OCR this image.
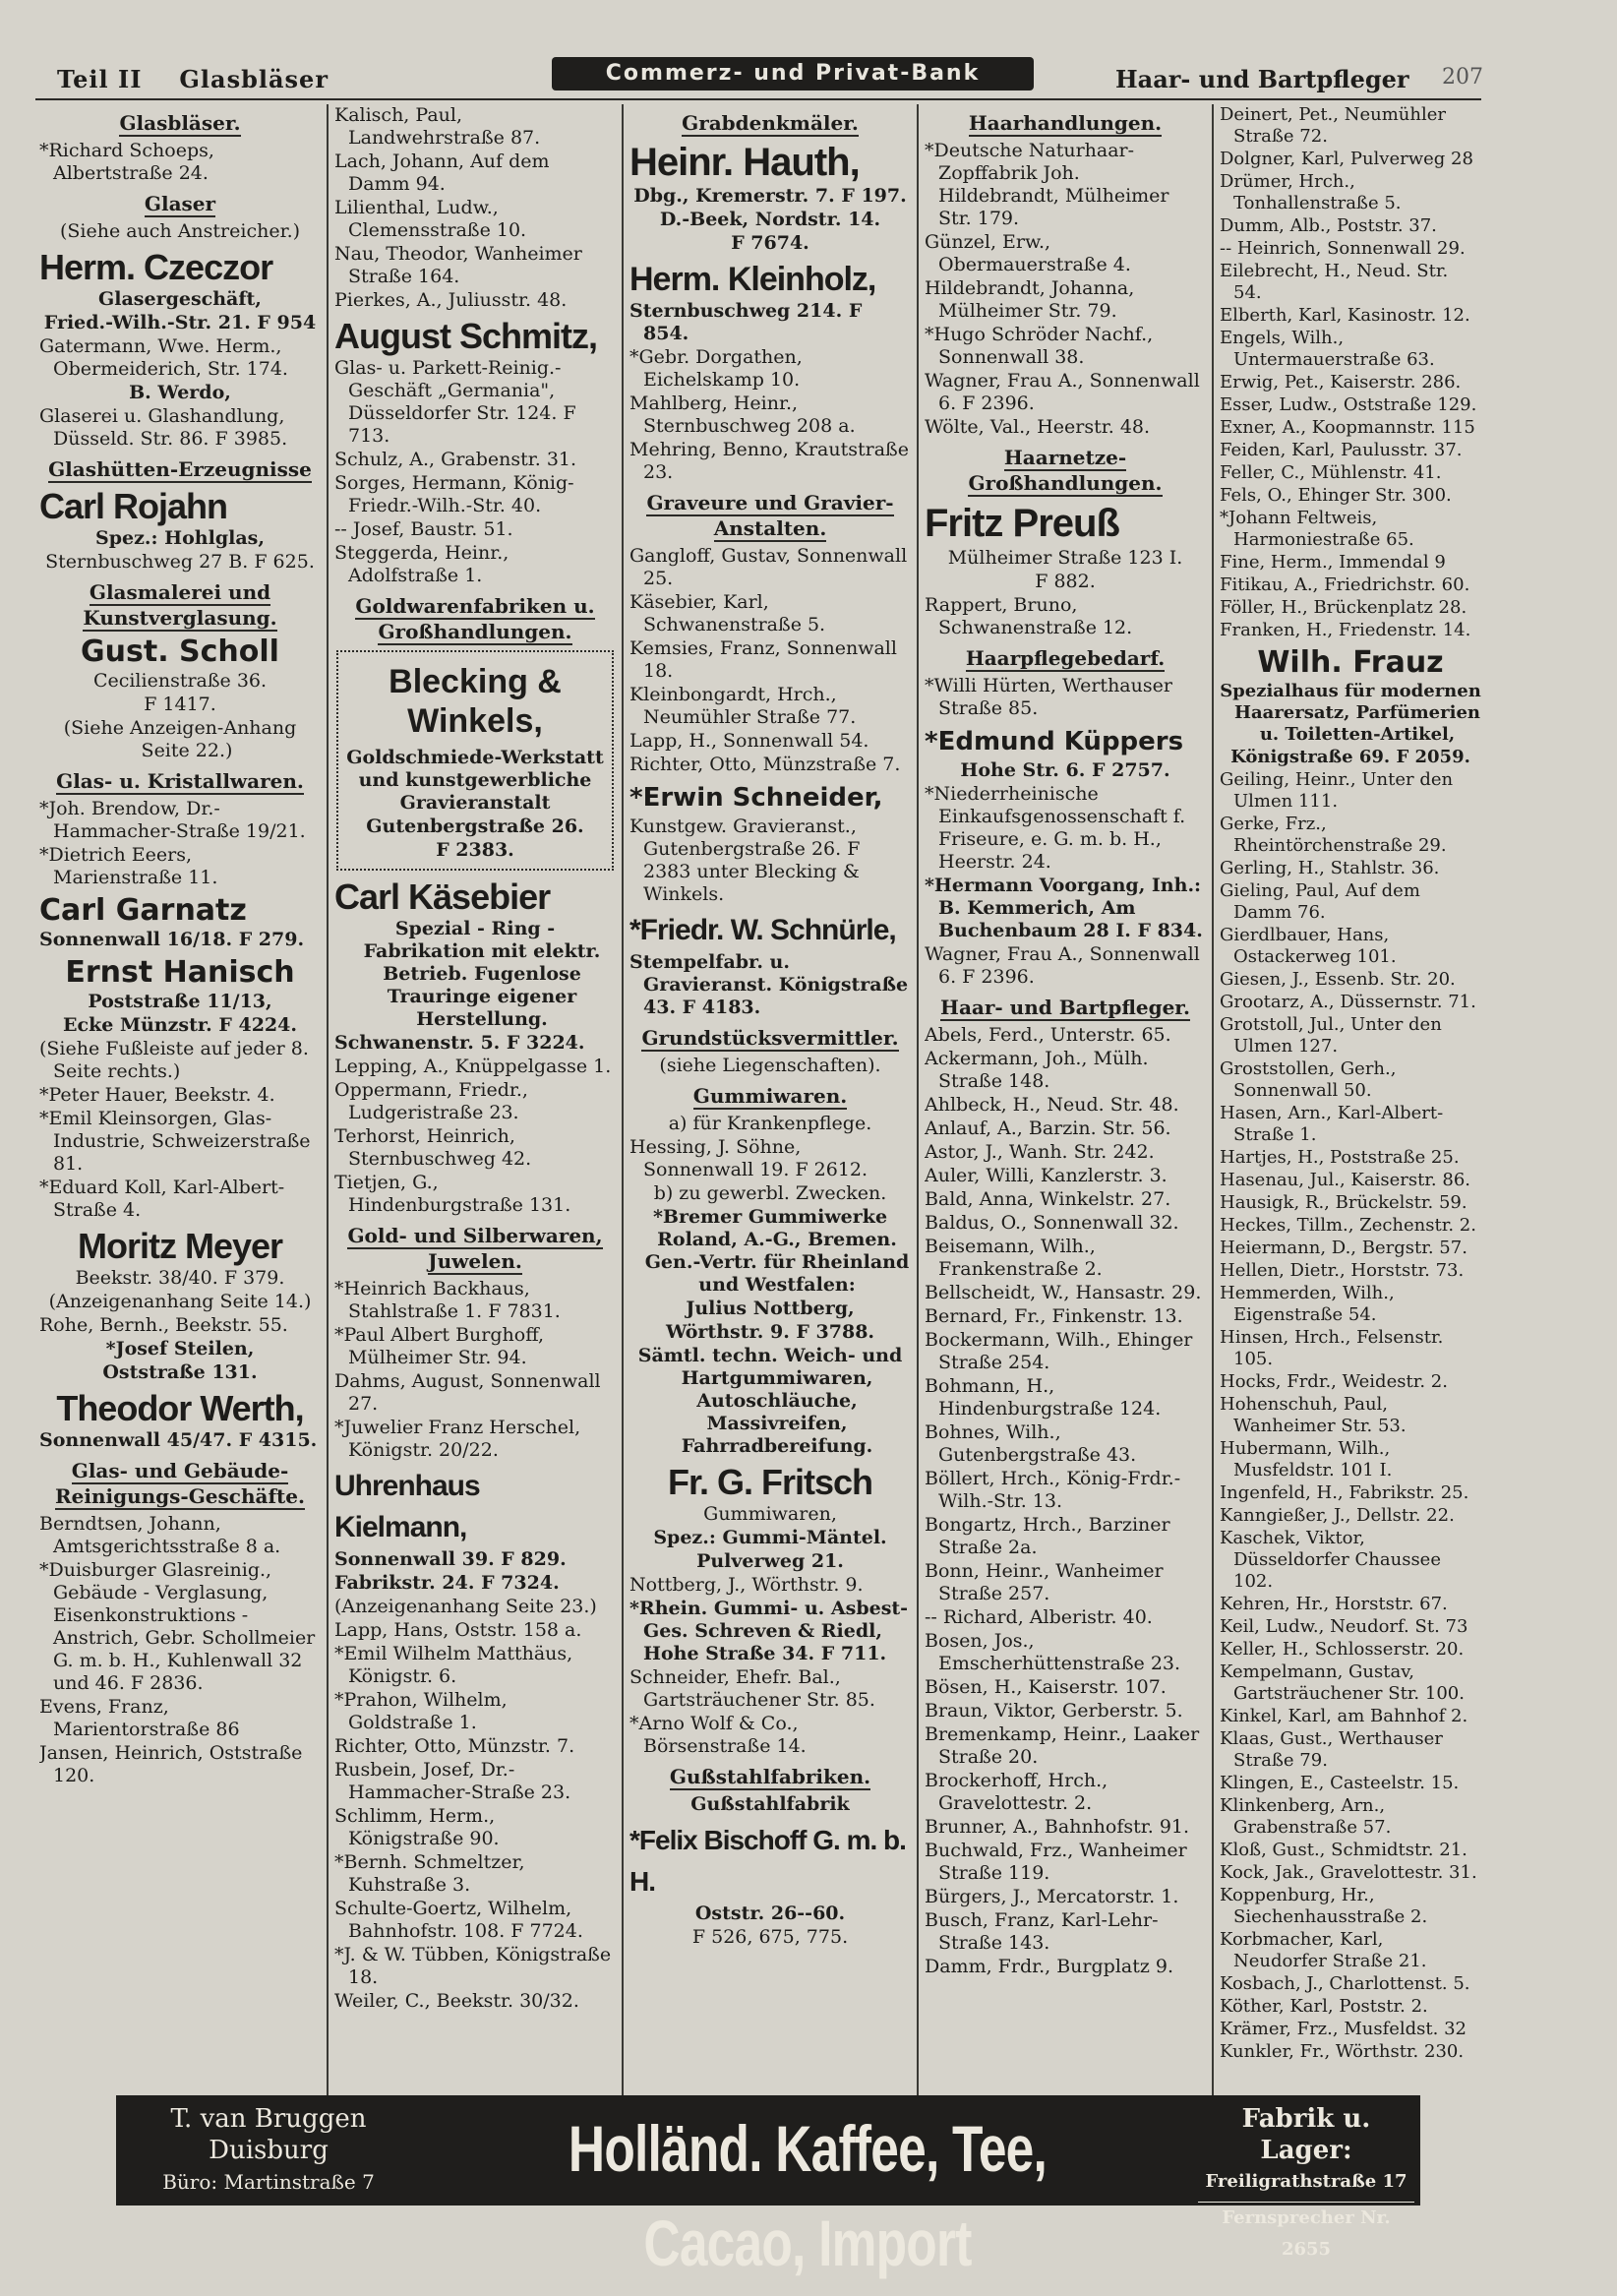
Teil II Glasbläser	Commerz- und Privat-Bank	Haar- und Bartpfleger 207
Glasbläser.

*Richard Schoeps, Albertstraße 24.

Glaser

(Siehe auch Anstreicher.)

Herm. Czeczor

Glasergeschäft,

Fried.-Wilh.-Str. 21. F 954

Gatermann, Wwe. Herm., Obermeiderich, Str. 174.

B. Werdo,

Glaserei u. Glashandlung, Düsseld. Str. 86. F 3985.

Glashütten-Erzeugnisse
Carl Rojahn

Spez.: Hohlglas,

Sternbuschweg 27 B. F 625.

Glasmalerei und Kunstverglasung.
Gust. Scholl

Cecilienstraße 36.

F 1417.

(Siehe Anzeigen-Anhang Seite 22.)

Glas- u. Kristallwaren.

*Joh. Brendow, Dr.-Hammacher-Straße 19/21.

*Dietrich Eeers, Marienstraße 11.

Carl Garnatz

Sonnenwall 16/18. F 279.

Ernst Hanisch

Poststraße 11/13,

Ecke Münzstr. F 4224.

(Siehe Fußleiste auf jeder 8. Seite rechts.)

*Peter Hauer, Beekstr. 4.

*Emil Kleinsorgen, Glas-Industrie, Schweizerstraße 81.

*Eduard Koll, Karl-Albert-Straße 4.

Moritz Meyer

Beekstr. 38/40. F 379.

(Anzeigenanhang Seite 14.)

Rohe, Bernh., Beekstr. 55.

*Josef Steilen,

Oststraße 131.

Theodor Werth,

Sonnenwall 45/47. F 4315.

Glas- und Gebäude-Reinigungs-Geschäfte.

Berndtsen, Johann, Amtsgerichtsstraße 8 a.

*Duisburger Glasreinig., Gebäude - Verglasung, Eisenkonstruktions - Anstrich, Gebr. Schollmeier G. m. b. H., Kuhlenwall 32 und 46. F 2836.

Evens, Franz, Marientorstraße 86

Jansen, Heinrich, Oststraße 120.

Kalisch, Paul, Landwehrstraße 87.

Lach, Johann, Auf dem Damm 94.

Lilienthal, Ludw., Clemensstraße 10.

Nau, Theodor, Wanheimer Straße 164.

Pierkes, A., Juliusstr. 48.

August Schmitz,

Glas- u. Parkett-Reinig.-Geschäft „Germania", Düsseldorfer Str. 124. F 713.

Schulz, A., Grabenstr. 31.

Sorges, Hermann, König-Friedr.-Wilh.-Str. 40.

-- Josef, Baustr. 51.

Steggerda, Heinr., Adolfstraße 1.

Goldwarenfabriken u. Großhandlungen.
Blecking & Winkels,

Goldschmiede-Werkstatt und kunstgewerbliche Gravieranstalt

Gutenbergstraße 26.

F 2383.

Carl Käsebier

Spezial - Ring - Fabrikation mit elektr. Betrieb. Fugenlose Trauringe eigener Herstellung.

Schwanenstr. 5. F 3224.

Lepping, A., Knüppelgasse 1.

Oppermann, Friedr., Ludgeristraße 23.

Terhorst, Heinrich, Sternbuschweg 42.

Tietjen, G., Hindenburgstraße 131.

Gold- und Silberwaren, Juwelen.

*Heinrich Backhaus, Stahlstraße 1. F 7831.

*Paul Albert Burghoff, Mülheimer Str. 94.

Dahms, August, Sonnenwall 27.

*Juwelier Franz Herschel, Königstr. 20/22.

Uhrenhaus Kielmann,

Sonnenwall 39. F 829.

Fabrikstr. 24. F 7324.

(Anzeigenanhang Seite 23.)

Lapp, Hans, Oststr. 158 a.

*Emil Wilhelm Matthäus, Königstr. 6.

*Prahon, Wilhelm, Goldstraße 1.

Richter, Otto, Münzstr. 7.

Rusbein, Josef, Dr.-Hammacher-Straße 23.

Schlimm, Herm., Königstraße 90.

*Bernh. Schmeltzer, Kuhstraße 3.

Schulte-Goertz, Wilhelm, Bahnhofstr. 108. F 7724.

*J. & W. Tübben, Königstraße 18.

Weiler, C., Beekstr. 30/32.

Grabdenkmäler.
Heinr. Hauth,

Dbg., Kremerstr. 7. F 197.

D.-Beek, Nordstr. 14.

F 7674.

Herm. Kleinholz,

Sternbuschweg 214. F 854.

*Gebr. Dorgathen, Eichelskamp 10.

Mahlberg, Heinr., Sternbuschweg 208 a.

Mehring, Benno, Krautstraße 23.

Graveure und Gravier-Anstalten.

Gangloff, Gustav, Sonnenwall 25.

Käsebier, Karl, Schwanenstraße 5.

Kemsies, Franz, Sonnenwall 18.

Kleinbongardt, Hrch., Neumühler Straße 77.

Lapp, H., Sonnenwall 54.

Richter, Otto, Münzstraße 7.

*Erwin Schneider,

Kunstgew. Gravieranst., Gutenbergstraße 26. F 2383 unter Blecking & Winkels.

*Friedr. W. Schnürle,

Stempelfabr. u. Gravieranst. Königstraße 43. F 4183.

Grundstücksvermittler.

(siehe Liegenschaften).

Gummiwaren.

a) für Krankenpflege.

Hessing, J. Söhne, Sonnenwall 19. F 2612.

b) zu gewerbl. Zwecken.

*Bremer Gummiwerke Roland, A.-G., Bremen. Gen.-Vertr. für Rheinland und Westfalen:

Julius Nottberg,

Wörthstr. 9. F 3788.

Sämtl. techn. Weich- und Hartgummiwaren, Autoschläuche, Massivreifen, Fahrradbereifung.

Fr. G. Fritsch

Gummiwaren,

Spez.: Gummi-Mäntel.

Pulverweg 21.

Nottberg, J., Wörthstr. 9.

*Rhein. Gummi- u. Asbest-Ges. Schreven & Riedl, Hohe Straße 34. F 711.

Schneider, Ehefr. Bal., Gartsträuchener Str. 85.

*Arno Wolf & Co., Börsenstraße 14.

Gußstahlfabriken.

Gußstahlfabrik

*Felix Bischoff G. m. b. H.

Oststr. 26--60.

F 526, 675, 775.

Haarhandlungen.

*Deutsche Naturhaar-Zopffabrik Joh. Hildebrandt, Mülheimer Str. 179.

Günzel, Erw., Obermauerstraße 4.

Hildebrandt, Johanna, Mülheimer Str. 79.

*Hugo Schröder Nachf., Sonnenwall 38.

Wagner, Frau A., Sonnenwall 6. F 2396.

Wölte, Val., Heerstr. 48.

Haarnetze-Großhandlungen.
Fritz Preuß

Mülheimer Straße 123 I.

F 882.

Rappert, Bruno, Schwanenstraße 12.

Haarpflegebedarf.

*Willi Hürten, Werthauser Straße 85.

*Edmund Küppers

Hohe Str. 6. F 2757.

*Niederrheinische Einkaufsgenossenschaft f. Friseure, e. G. m. b. H., Heerstr. 24.

*Hermann Voorgang, Inh.: B. Kemmerich, Am Buchenbaum 28 I. F 834.

Wagner, Frau A., Sonnenwall 6. F 2396.

Haar- und Bartpfleger.

Abels, Ferd., Unterstr. 65.

Ackermann, Joh., Mülh. Straße 148.

Ahlbeck, H., Neud. Str. 48.

Anlauf, A., Barzin. Str. 56.

Astor, J., Wanh. Str. 242.

Auler, Willi, Kanzlerstr. 3.

Bald, Anna, Winkelstr. 27.

Baldus, O., Sonnenwall 32.

Beisemann, Wilh., Frankenstraße 2.

Bellscheidt, W., Hansastr. 29.

Bernard, Fr., Finkenstr. 13.

Bockermann, Wilh., Ehinger Straße 254.

Bohmann, H., Hindenburgstraße 124.

Bohnes, Wilh., Gutenbergstraße 43.

Böllert, Hrch., König-Frdr.-Wilh.-Str. 13.

Bongartz, Hrch., Barziner Straße 2a.

Bonn, Heinr., Wanheimer Straße 257.

-- Richard, Alberistr. 40.

Bosen, Jos., Emscherhüttenstraße 23.

Bösen, H., Kaiserstr. 107.

Braun, Viktor, Gerberstr. 5.

Bremenkamp, Heinr., Laaker Straße 20.

Brockerhoff, Hrch., Gravelottestr. 2.

Brunner, A., Bahnhofstr. 91.

Buchwald, Frz., Wanheimer Straße 119.

Bürgers, J., Mercatorstr. 1.

Busch, Franz, Karl-Lehr-Straße 143.

Damm, Frdr., Burgplatz 9.

Deinert, Pet., Neumühler Straße 72.

Dolgner, Karl, Pulverweg 28

Drümer, Hrch., Tonhallenstraße 5.

Dumm, Alb., Poststr. 37.

-- Heinrich, Sonnenwall 29.

Eilebrecht, H., Neud. Str. 54.

Elberth, Karl, Kasinostr. 12.

Engels, Wilh., Untermauerstraße 63.

Erwig, Pet., Kaiserstr. 286.

Esser, Ludw., Oststraße 129.

Exner, A., Koopmannstr. 115

Feiden, Karl, Paulusstr. 37.

Feller, C., Mühlenstr. 41.

Fels, O., Ehinger Str. 300.

*Johann Feltweis, Harmoniestraße 65.

Fine, Herm., Immendal 9

Fitikau, A., Friedrichstr. 60.

Föller, H., Brückenplatz 28.

Franken, H., Friedenstr. 14.

Wilh. Frauz

Spezialhaus für modernen Haarersatz, Parfümerien u. Toiletten-Artikel,

Königstraße 69. F 2059.

Geiling, Heinr., Unter den Ulmen 111.

Gerke, Frz., Rheintörchenstraße 29.

Gerling, H., Stahlstr. 36.

Gieling, Paul, Auf dem Damm 76.

Gierdlbauer, Hans, Ostackerweg 101.

Giesen, J., Essenb. Str. 20.

Grootarz, A., Düssernstr. 71.

Grotstoll, Jul., Unter den Ulmen 127.

Groststollen, Gerh., Sonnenwall 50.

Hasen, Arn., Karl-Albert-Straße 1.

Hartjes, H., Poststraße 25.

Hasenau, Jul., Kaiserstr. 86.

Hausigk, R., Brückelstr. 59.

Heckes, Tillm., Zechenstr. 2.

Heiermann, D., Bergstr. 57.

Hellen, Dietr., Horststr. 73.

Hemmerden, Wilh., Eigenstraße 54.

Hinsen, Hrch., Felsenstr. 105.

Hocks, Frdr., Weidestr. 2.

Hohenschuh, Paul, Wanheimer Str. 53.

Hubermann, Wilh., Musfeldstr. 101 I.

Ingenfeld, H., Fabrikstr. 25.

Kanngießer, J., Dellstr. 22.

Kaschek, Viktor, Düsseldorfer Chaussee 102.

Kehren, Hr., Horststr. 67.

Keil, Ludw., Neudorf. St. 73

Keller, H., Schlosserstr. 20.

Kempelmann, Gustav, Gartsträuchener Str. 100.

Kinkel, Karl, am Bahnhof 2.

Klaas, Gust., Werthauser Straße 79.

Klingen, E., Casteelstr. 15.

Klinkenberg, Arn., Grabenstraße 57.

Kloß, Gust., Schmidtstr. 21.

Kock, Jak., Gravelottestr. 31.

Koppenburg, Hr., Siechenhausstraße 2.

Korbmacher, Karl, Neudorfer Straße 21.

Kosbach, J., Charlottenst. 5.

Köther, Karl, Poststr. 2.

Krämer, Frz., Musfeldst. 32

Kunkler, Fr., Wörthstr. 230.

T. van Bruggen
Duisburg
Büro: Martinstraße 7	Holländ. Kaffee, Tee, Cacao, Import
Fabrik u. Lager:
Freiligrathstraße 17
Fernsprecher Nr. 2655
